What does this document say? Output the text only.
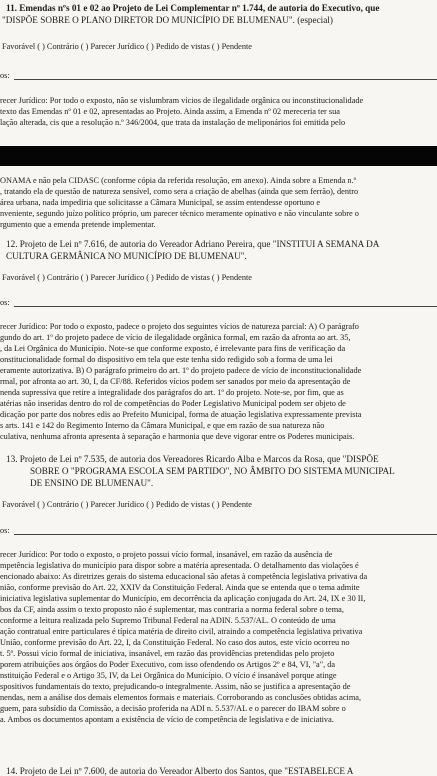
11. Emendas nºs 01 e 02 ao Projeto de Lei Complementar nº 1.744, de autoria do Executivo, que
"DISPÕE SOBRE O PLANO DIRETOR DO MUNICÍPIO DE BLUMENAU". (especial)
Favorável ( ) Contrário ( ) Parecer Jurídico ( ) Pedido de vistas ( ) Pendente
os:
recer Jurídico: Por todo o exposto, não se vislumbram vícios de ilegalidade orgânica ou inconstitucionalidade
texto das Emendas nº 01 e 02, apresentadas ao Projeto. Ainda assim, a Emenda nº 02 mereceria ter sua
lação alterada, cis que a resolução n.º 346/2004, que trata da instalação de meliponários foi emitida pelo
ONAMA e não pela CIDASC (conforme cópia da referida resolução, em anexo). Ainda sobre a Emenda n.º
, tratando ela de questão de natureza sensível, como sera a criação de abelhas (ainda que sem ferrão), dentro
área urbana, nada impediria que solicitasse a Câmara Municipal, se assim entendesse oportuno e
nveniente, segundo juízo político próprio, um parecer técnico meramente opinativo e não vinculante sobre o
rgumento que a emenda pretende implementar.
12. Projeto de Lei nº 7.616, de autoria do Vereador Adriano Pereira, que "INSTITUI A SEMANA DA
CULTURA GERMÂNICA NO MUNICÍPIO DE BLUMENAU".
Favorável ( ) Contrário ( ) Parecer Jurídico ( ) Pedido de vistas ( ) Pendente
os:
recer Jurídico: Por todo o exposto, padece o projeto dos seguintes vícios de natureza parcial: A) O parágrafo
gundo do art. 1º do projeto padece de vício de ilegalidade orgânica formal, em razão da afronta ao art. 35,
, da Lei Orgânica do Município. Note-se que conforme exposto, é irrelevante para fins de verificação da
onstitucionalidade formal do dispositivo em tela que este tenha sido redigido sob a forma de uma lei
eramente autorizativa. B) O parágrafo primeiro do art. 1º do projeto padece de vício de inconstitucionalidade
rmal, por afronta ao art. 30, I, da CF/88. Referidos vícios podem ser sanados por meio da apresentação de
nenda supressiva que retire a integralidade dos parágrafos do art. 1º do projeto. Note-se, por fim, que as
atérias não inseridas dentro do rol de competências do Poder Legislativo Municipal podem ser objeto de
dicação por parte dos nobres edis ao Prefeito Municipal, forma de atuação legislativa expressamente prevista
s arts. 141 e 142 do Regimento Interno da Câmara Municipal, e que em razão de sua natureza não
culativa, nenhuma afronta apresenta à separação e harmonia que deve vigorar entre os Poderes municipais.
13. Projeto de Lei nº 7.535, de autoria dos Vereadores Ricardo Alba e Marcos da Rosa, que "DISPÕE
SOBRE O "PROGRAMA ESCOLA SEM PARTIDO", NO ÂMBITO DO SISTEMA MUNICIPAL
DE ENSINO DE BLUMENAU".
Favorável ( ) Contrário ( ) Parecer Jurídico ( ) Pedido de vistas ( ) Pendente
os:
recer Jurídico: Por todo o exposto, o projeto possui vício formal, insanável, em razão da ausência de
mpetência legislativa do município para dispor sobre a matéria apresentada. O detalhamento das violações é
encionado abaixo: As diretrizes gerais do sistema educacional são afetas à competência legislativa privativa da
nião, conforme previsão do Art. 22, XXIV da Constituição Federal. Ainda que se entenda que o tema admite
iniciativa legislativa suplementar do Município, em decorrência da aplicação conjugada do Art. 24, IX e 30 II,
bos da CF, ainda assim o texto proposto não é suplementar, mas contraria a norma federal sobre o tema,
conforme a leitura realizada pelo Supremo Tribunal Federal na ADIN. 5.537/AL. O conteúdo de uma
ação contratual entre particulares é típica matéria de direito civil, atraindo a competência legislativa privativa
União, conforme previsão do Art. 22, I, da Constituição Federal. No caso dos autos, este vício ocorreu no
t. 5º. Possui vício formal de iniciativa, insanável, em razão das providências pretendidas pelo projeto
porem atribuições aos órgãos do Poder Executivo, com isso ofendendo os Artigos 2º e 84, VI, "a", da
nstituição Federal e o Artigo 35, IV, da Lei Orgânica do Município. O vício é insanável porque atinge
spositivos fundamentais do texto, prejudicando-o integralmente. Assim, não se justifica a apresentação de
nendas, nem a análise dos demais elementos formais e materiais. Corroborando as conclusões obtidas acima,
guem, para subsídio da Comissão, a decisão proferida na ADI n. 5.537/AL e o parecer do IBAM sobre o
a. Ambos os documentos apontam a existência de vício de competência de legislativa e de iniciativa.
14. Projeto de Lei nº 7.600, de autoria do Vereador Alberto dos Santos, que "ESTABELECE A
